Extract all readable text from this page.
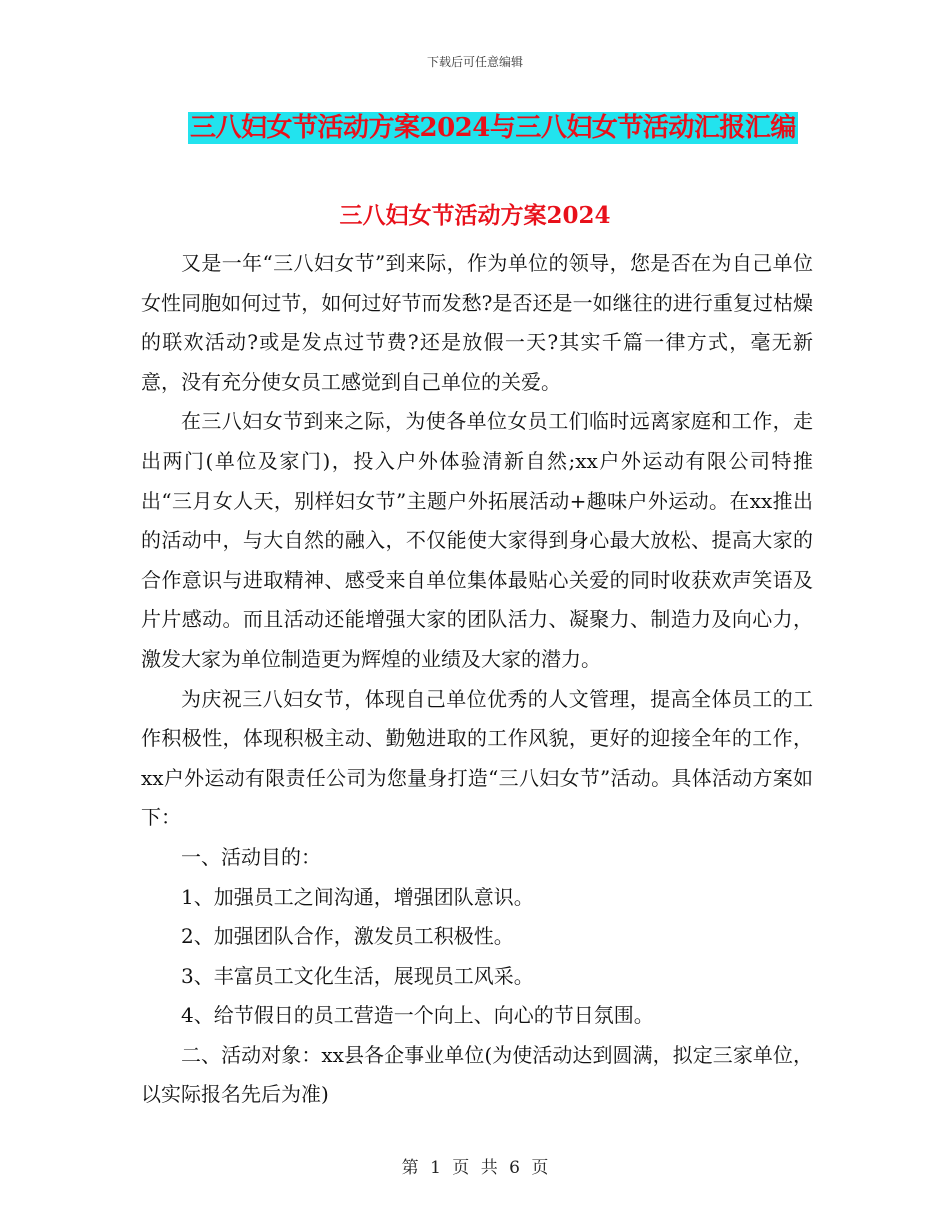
下载后可任意编辑
三八妇女节活动方案2024与三八妇女节活动汇报汇编
三八妇女节活动方案2024

又是一年“三八妇女节”到来际，作为单位的领导，您是否在为自己单位女性同胞如何过节，如何过好节而发愁?是否还是一如继往的进行重复过枯燥的联欢活动?或是发点过节费?还是放假一天?其实千篇一律方式，毫无新意，没有充分使女员工感觉到自己单位的关爱。

在三八妇女节到来之际，为使各单位女员工们临时远离家庭和工作，走出两门(单位及家门)，投入户外体验清新自然;xx户外运动有限公司特推出“三月女人天，别样妇女节”主题户外拓展活动+趣味户外运动。在xx推出的活动中，与大自然的融入，不仅能使大家得到身心最大放松、提高大家的合作意识与进取精神、感受来自单位集体最贴心关爱的同时收获欢声笑语及片片感动。而且活动还能增强大家的团队活力、凝聚力、制造力及向心力，激发大家为单位制造更为辉煌的业绩及大家的潜力。

为庆祝三八妇女节，体现自己单位优秀的人文管理，提高全体员工的工作积极性，体现积极主动、勤勉进取的工作风貌，更好的迎接全年的工作，xx户外运动有限责任公司为您量身打造“三八妇女节”活动。具体活动方案如下：

一、活动目的：

1、加强员工之间沟通，增强团队意识。

2、加强团队合作，激发员工积极性。

3、丰富员工文化生活，展现员工风采。

4、给节假日的员工营造一个向上、向心的节日氛围。

二、活动对象：xx县各企事业单位(为使活动达到圆满，拟定三家单位，以实际报名先后为准)

第 1 页 共 6 页
